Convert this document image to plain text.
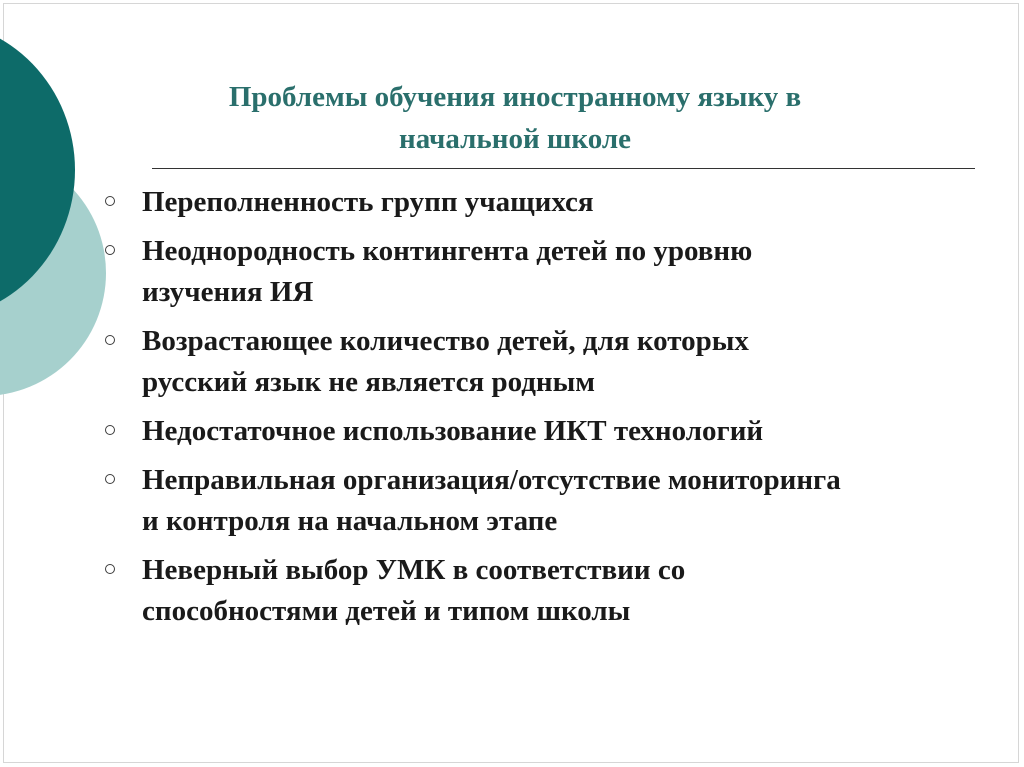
Проблемы обучения иностранному языку в
начальной школе
Переполненность групп учащихся
Неоднородность контингента детей по уровню
изучения ИЯ
Возрастающее количество детей, для которых
русский язык не является родным
Недостаточное использование ИКТ технологий
Неправильная организация/отсутствие мониторинга
и контроля на начальном этапе
Неверный выбор УМК в соответствии со
способностями детей и типом школы
